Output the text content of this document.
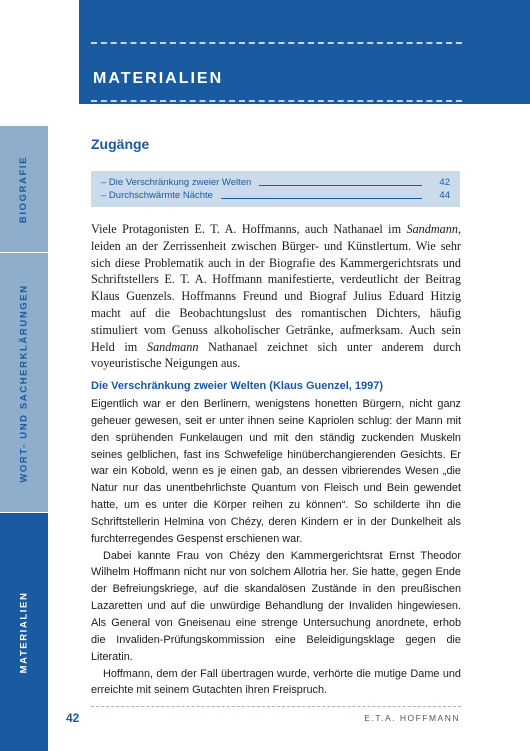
BIOGRAFIE
WORT- UND SACHERKLÄRUNGEN
MATERIALIEN
MATERIALIEN
Zugänge
– Die Verschränkung zweier Welten	42
– Durchschwärmte Nächte	44

Viele Protagonisten E. T. A. Hoffmanns, auch Nathanael im Sandmann, leiden an der Zerrissenheit zwischen Bürger- und Künstlertum. Wie sehr sich diese Problematik auch in der Biografie des Kammergerichtsrats und Schriftstellers E. T. A. Hoffmann manifestierte, verdeutlicht der Beitrag Klaus Guenzels. Hoffmanns Freund und Biograf Julius Eduard Hitzig macht auf die Beobachtungslust des romantischen Dichters, häufig stimuliert vom Genuss alkoholischer Getränke, aufmerksam. Auch sein Held im Sandmann Nathanael zeichnet sich unter anderem durch voyeuristische Neigungen aus.

Die Verschränkung zweier Welten (Klaus Guenzel, 1997)

Eigentlich war er den Berlinern, wenigstens honetten Bürgern, nicht ganz geheuer gewesen, seit er unter ihnen seine Kapriolen schlug: der Mann mit den sprühenden Funkelaugen und mit den ständig zuckenden Muskeln seines gelblichen, fast ins Schwefelige hinüberchangierenden Gesichts. Er war ein Kobold, wenn es je einen gab, an dessen vibrierendes Wesen „die Natur nur das unentbehrlichste Quantum von Fleisch und Bein gewendet hatte, um es unter die Körper reihen zu können“. So schilderte ihn die Schriftstellerin Helmina von Chézy, deren Kindern er in der Dunkelheit als furchterregendes Gespenst erschienen war.

Dabei kannte Frau von Chézy den Kammergerichtsrat Ernst Theodor Wilhelm Hoffmann nicht nur von solchem Allotria her. Sie hatte, gegen Ende der Befreiungskriege, auf die skandalösen Zustände in den preußischen Lazaretten und auf die unwürdige Behandlung der Invaliden hingewiesen. Als General von Gneisenau eine strenge Untersuchung anordnete, erhob die Invaliden-Prüfungskommission eine Beleidigungsklage gegen die Literatin.

Hoffmann, dem der Fall übertragen wurde, verhörte die mutige Dame und erreichte mit seinem Gutachten ihren Freispruch.

42	E.T.A. HOFFMANN
